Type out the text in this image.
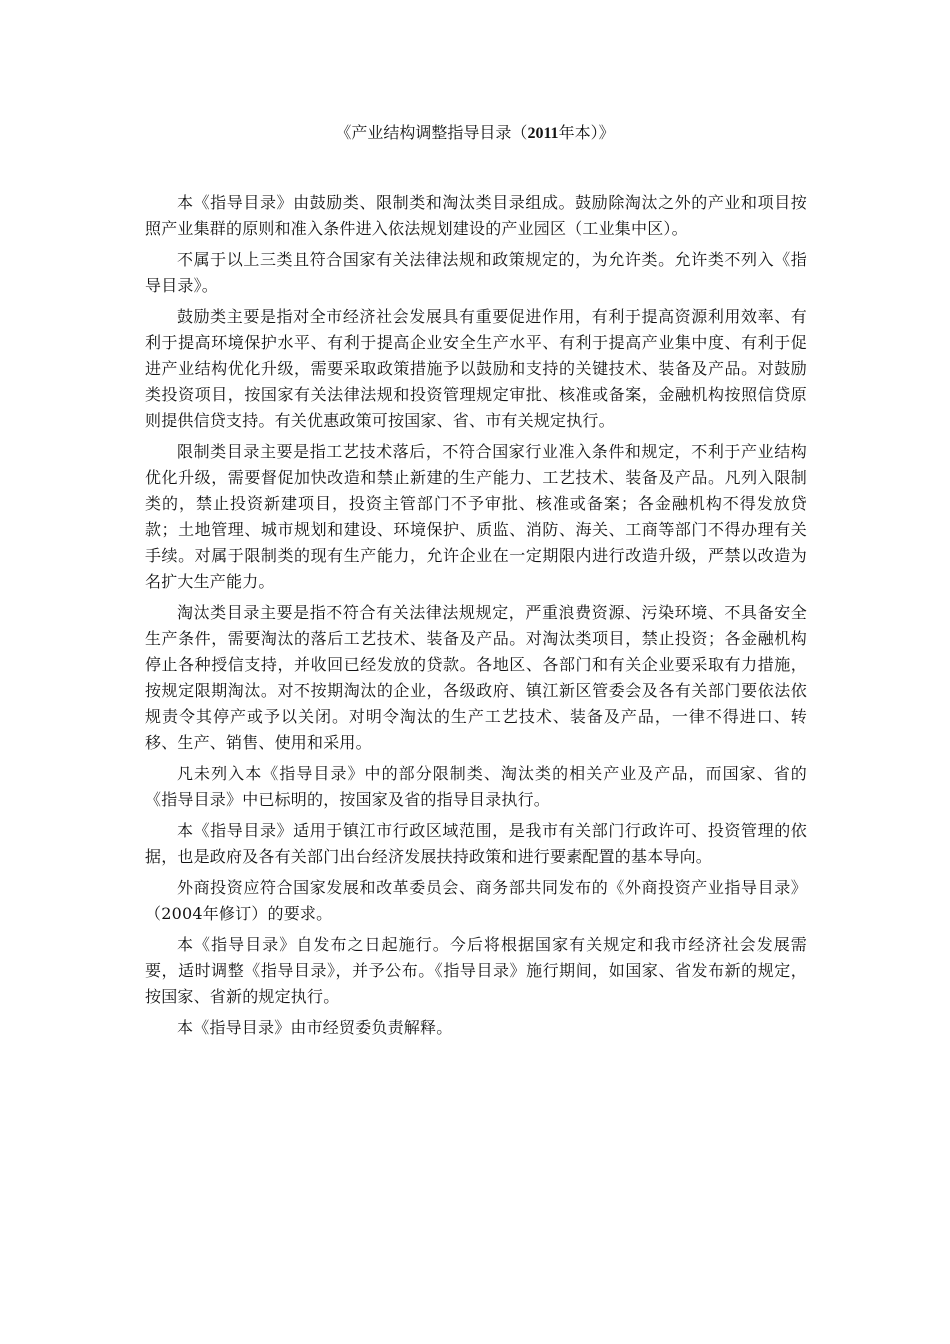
《产业结构调整指导目录（2011年本）》

本《指导目录》由鼓励类、限制类和淘汰类目录组成。鼓励除淘汰之外的产业和项目按照产业集群的原则和准入条件进入依法规划建设的产业园区（工业集中区）。

不属于以上三类且符合国家有关法律法规和政策规定的，为允许类。允许类不列入《指导目录》。

鼓励类主要是指对全市经济社会发展具有重要促进作用，有利于提高资源利用效率、有利于提高环境保护水平、有利于提高企业安全生产水平、有利于提高产业集中度、有利于促进产业结构优化升级，需要采取政策措施予以鼓励和支持的关键技术、装备及产品。对鼓励类投资项目，按国家有关法律法规和投资管理规定审批、核准或备案，金融机构按照信贷原则提供信贷支持。有关优惠政策可按国家、省、市有关规定执行。

限制类目录主要是指工艺技术落后，不符合国家行业准入条件和规定，不利于产业结构优化升级，需要督促加快改造和禁止新建的生产能力、工艺技术、装备及产品。凡列入限制类的，禁止投资新建项目，投资主管部门不予审批、核准或备案；各金融机构不得发放贷款；土地管理、城市规划和建设、环境保护、质监、消防、海关、工商等部门不得办理有关手续。对属于限制类的现有生产能力，允许企业在一定期限内进行改造升级，严禁以改造为名扩大生产能力。

淘汰类目录主要是指不符合有关法律法规规定，严重浪费资源、污染环境、不具备安全生产条件，需要淘汰的落后工艺技术、装备及产品。对淘汰类项目，禁止投资；各金融机构停止各种授信支持，并收回已经发放的贷款。各地区、各部门和有关企业要采取有力措施，按规定限期淘汰。对不按期淘汰的企业，各级政府、镇江新区管委会及各有关部门要依法依规责令其停产或予以关闭。对明令淘汰的生产工艺技术、装备及产品，一律不得进口、转移、生产、销售、使用和采用。

凡未列入本《指导目录》中的部分限制类、淘汰类的相关产业及产品，而国家、省的《指导目录》中已标明的，按国家及省的指导目录执行。

本《指导目录》适用于镇江市行政区域范围，是我市有关部门行政许可、投资管理的依据，也是政府及各有关部门出台经济发展扶持政策和进行要素配置的基本导向。

外商投资应符合国家发展和改革委员会、商务部共同发布的《外商投资产业指导目录》（2004年修订）的要求。

本《指导目录》自发布之日起施行。今后将根据国家有关规定和我市经济社会发展需要，适时调整《指导目录》，并予公布。《指导目录》施行期间，如国家、省发布新的规定，按国家、省新的规定执行。

本《指导目录》由市经贸委负责解释。
